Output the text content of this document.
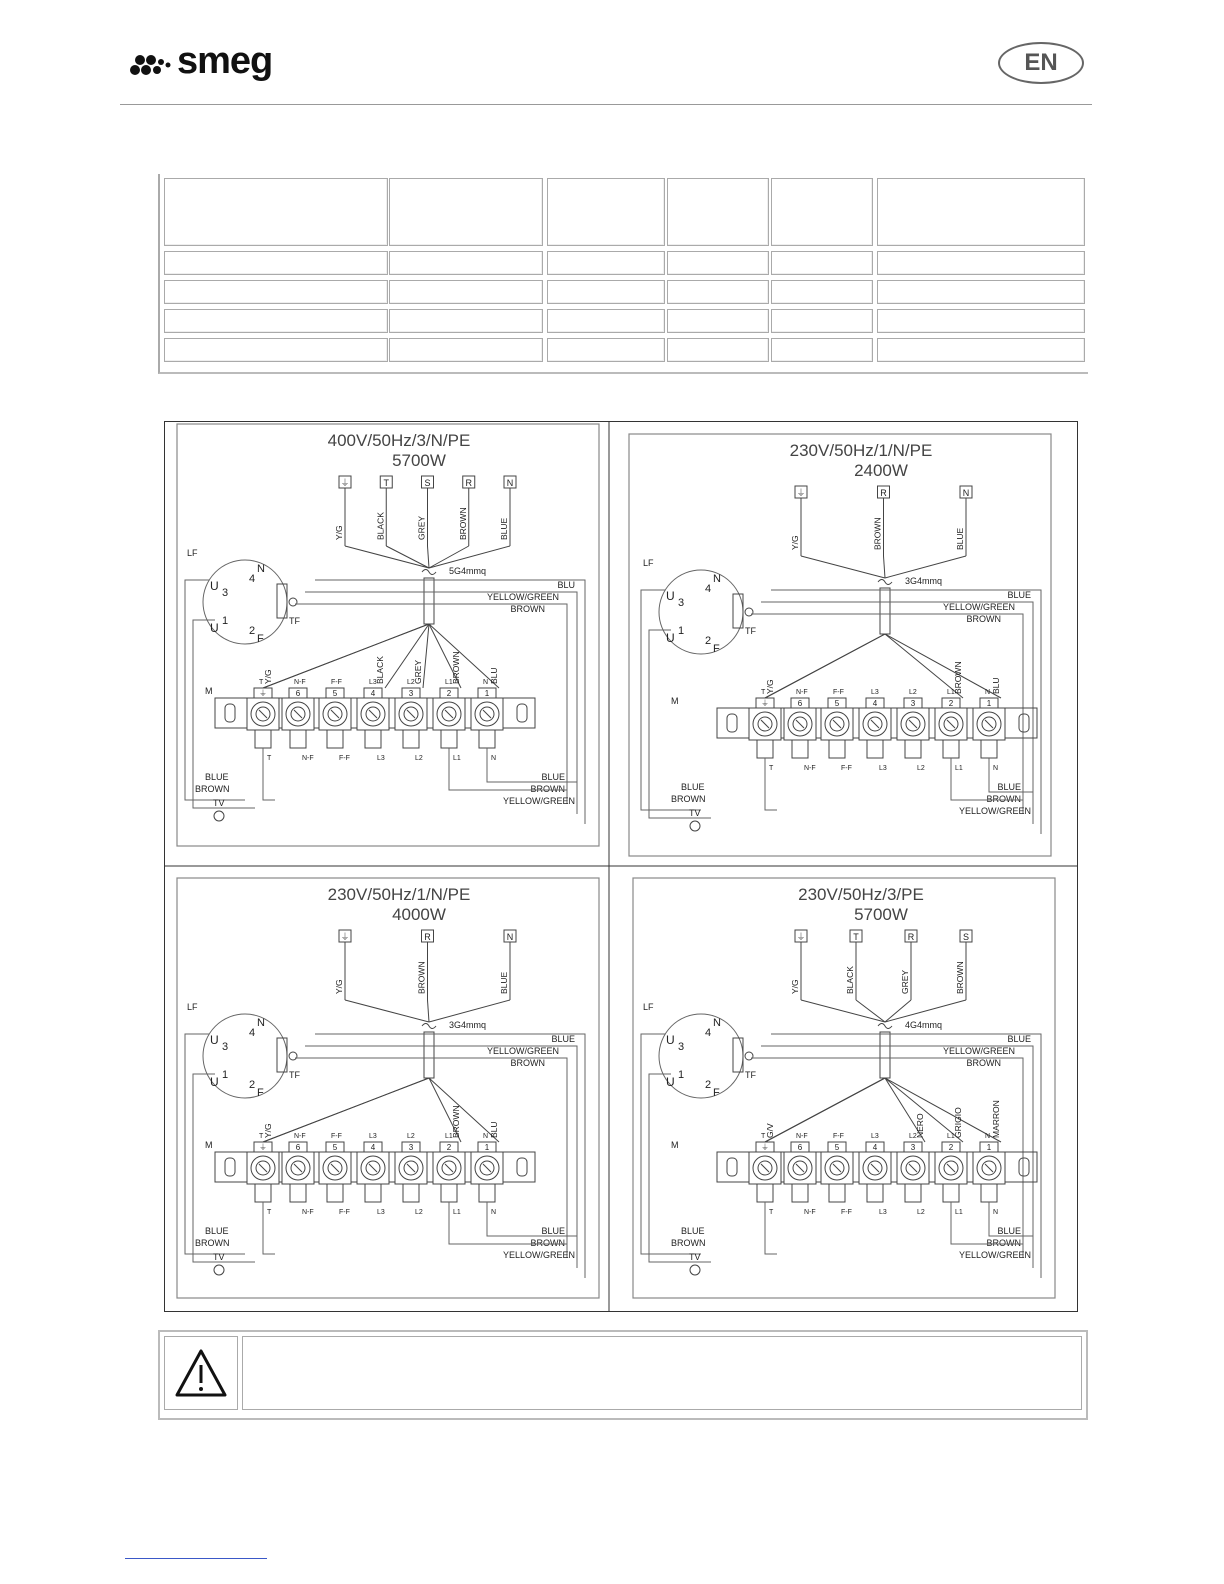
smeg	EN
400V/50Hz/3/N/PE
5700W
⏚
Y/G
T
BLACK
S
GREY
R
BROWN
N
BLUE
5G4mmq
LF
U 3
N
4
U 1
2
F
TF
BLU
YELLOW/GREEN
BROWN
Y/G	BLACK	GREY	BROWN	BLU
M
T
⏚
T
N-F
6
N-F
F-F
5
F-F
L3
4
L3
L2
3
L2
L1
2
L1
N
1
N
BLUE
BROWN
TV
BLUE
BROWN
YELLOW/GREEN
230V/50Hz/1/N/PE
2400W
⏚
Y/G
R
BROWN
N
BLUE
3G4mmq
LF
U 3
N
4
U 1
2
F
TF
BLUE
YELLOW/GREEN
BROWN
Y/G	BROWN	BLU
M
T
⏚
T
N-F
6
N-F
F-F
5
F-F
L3
4
L3
L2
3
L2
L1
2
L1
N
1
N
BLUE
BROWN
TV
BLUE
BROWN
YELLOW/GREEN
230V/50Hz/1/N/PE
4000W
⏚
Y/G
R
BROWN
N
BLUE
3G4mmq
LF
U 3
N
4
U 1
2
F
TF
BLUE
YELLOW/GREEN
BROWN
Y/G	BROWN	BLU
M
T
⏚
T
N-F
6
N-F
F-F
5
F-F
L3
4
L3
L2
3
L2
L1
2
L1
N
1
N
BLUE
BROWN
TV
BLUE
BROWN
YELLOW/GREEN
230V/50Hz/3/PE
5700W
⏚
Y/G
T
BLACK
R
GREY
S
BROWN
4G4mmq
LF
U 3
N
4
U 1
2
F
TF
BLUE
YELLOW/GREEN
BROWN
G/V	NERO	GRIGIO	MARRON
M
T
⏚
T
N-F
6
N-F
F-F
5
F-F
L3
4
L3
L2
3
L2
L1
2
L1
N
1
N
BLUE
BROWN
TV
BLUE
BROWN
YELLOW/GREEN
